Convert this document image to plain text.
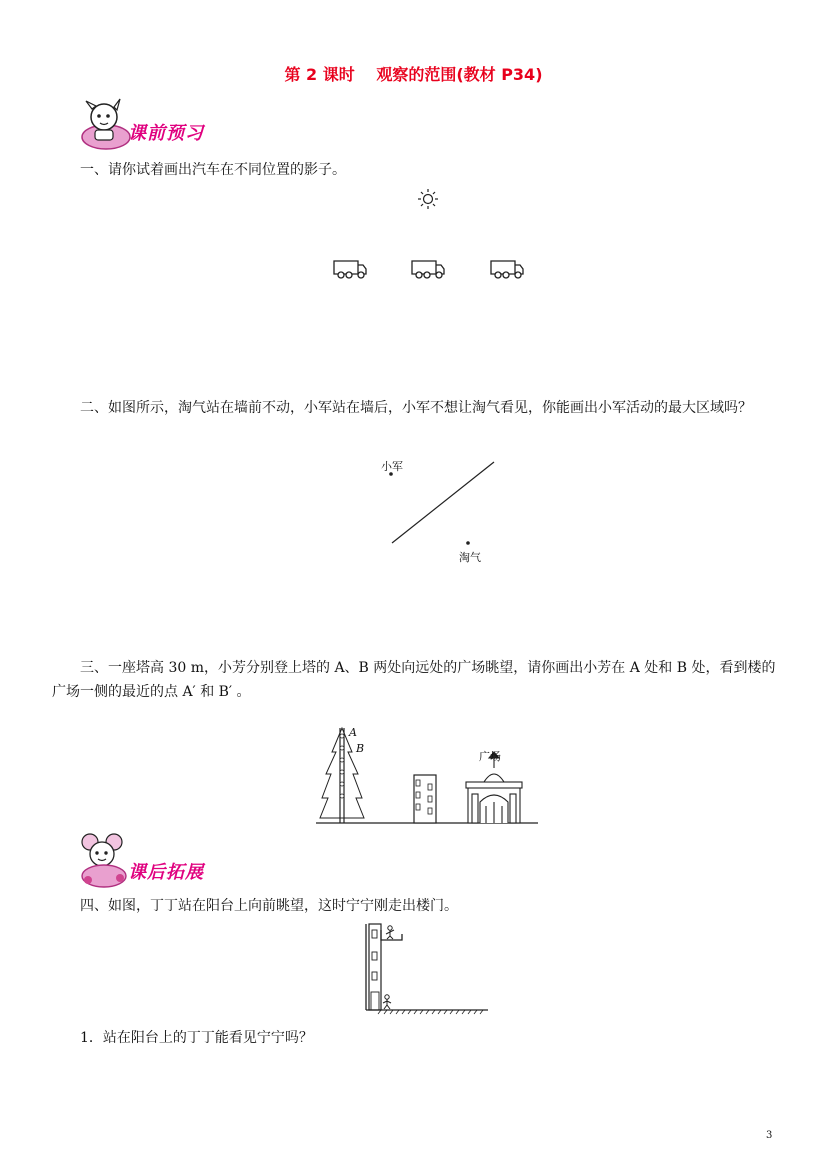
第 2 课时　 观察的范围(教材 P34)
课前预习
一、请你试着画出汽车在不同位置的影子。
二、如图所示，淘气站在墙前不动，小军站在墙后，小军不想让淘气看见，你能画出小军活动的最大区域吗？
小军
淘气
三、一座塔高 30 m，小芳分别登上塔的 A、B 两处向远处的广场眺望，请你画出小芳在 A 处和 B 处，看到楼的
广场一侧的最近的点 A′ 和 B′ 。
A
B
广场
课后拓展
四、如图，丁丁站在阳台上向前眺望，这时宁宁刚走出楼门。
1．站在阳台上的丁丁能看见宁宁吗？
3
